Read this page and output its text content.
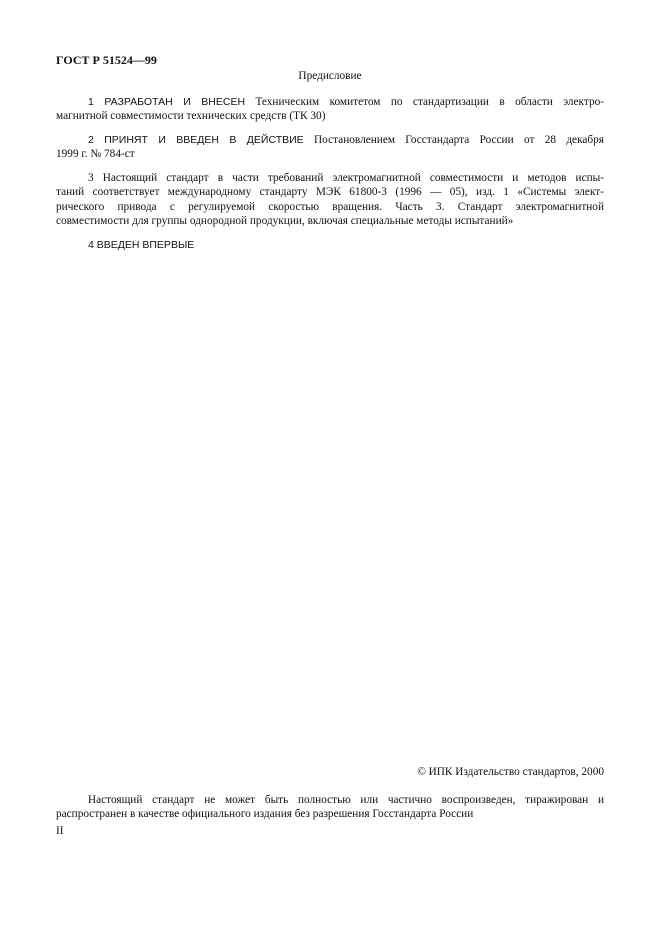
ГОСТ Р 51524—99
Предисловие
1 РАЗРАБОТАН И ВНЕСЕН Техническим комитетом по стандартизации в области электро-
магнитной совместимости технических средств (ТК 30)
2 ПРИНЯТ И ВВЕДЕН В ДЕЙСТВИЕ Постановлением Госстандарта России от 28 декабря
1999 г. № 784-ст
3 Настоящий стандарт в части требований электромагнитной совместимости и методов испы-
таний соответствует международному стандарту МЭК 61800-3 (1996 — 05), изд. 1 «Системы элект-
рического привода с регулируемой скоростью вращения. Часть 3. Стандарт электромагнитной
совместимости для группы однородной продукции, включая специальные методы испытаний»
4 ВВЕДЕН ВПЕРВЫЕ
© ИПК Издательство стандартов, 2000
Настоящий стандарт не может быть полностью или частично воспроизведен, тиражирован и
распространен в качестве официального издания без разрешения Госстандарта России
II
